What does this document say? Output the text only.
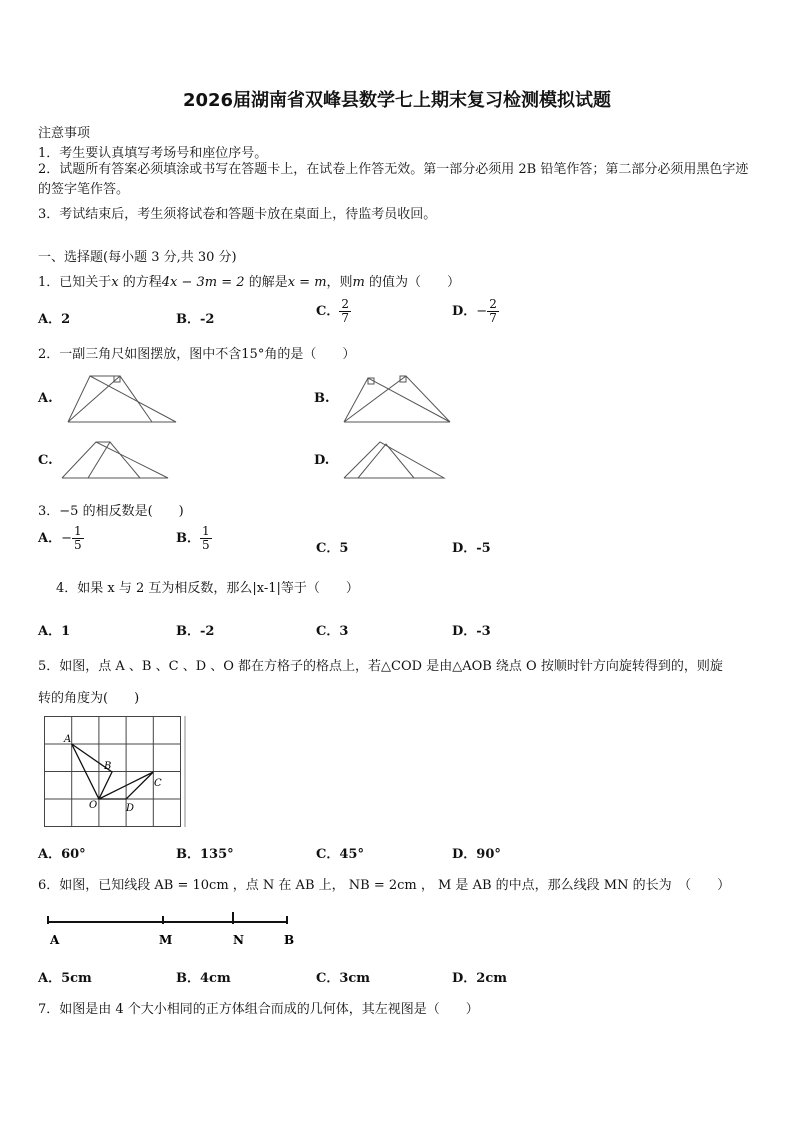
2026届湖南省双峰县数学七上期末复习检测模拟试题
注意事项
1．考生要认真填写考场号和座位序号。
2．试题所有答案必须填涂或书写在答题卡上，在试卷上作答无效。第一部分必须用 2B 铅笔作答；第二部分必须用黑色字迹的签字笔作答。
3．考试结束后，考生须将试卷和答题卡放在桌面上，待监考员收回。
一、选择题(每小题 3 分,共 30 分)
1．已知关于x 的方程4x − 3m = 2 的解是x = m，则m 的值为（　　）
A．2	B．-2
C． $\frac{2}{7}$	D．− $\frac{2}{7}$
2．一副三角尺如图摆放，图中不含15°角的是（　　）
A.	B.
C.	D.
3．−5 的相反数是(　　)
A．− $\frac{1}{5}$	B． $\frac{1}{5}$	C．5	D．-5
4．如果 x 与 2 互为相反数，那么|x-1|等于（　　）
A．1	B．-2	C．3	D．-3
5．如图，点 A 、B 、C 、D 、O 都在方格子的格点上，若△COD 是由△AOB 绕点 O 按顺时针方向旋转得到的，则旋
转的角度为(　　)
A
B
C
D
O
A．60°	B．135°	C．45°	D．90°
6．如图，已知线段 AB = 10cm ，点 N 在 AB 上， NB = 2cm ， M 是 AB 的中点，那么线段 MN 的长为　（　　）
A	M	N	B
A．5cm	B．4cm	C．3cm	D．2cm
7．如图是由 4 个大小相同的正方体组合而成的几何体，其左视图是（　　）
